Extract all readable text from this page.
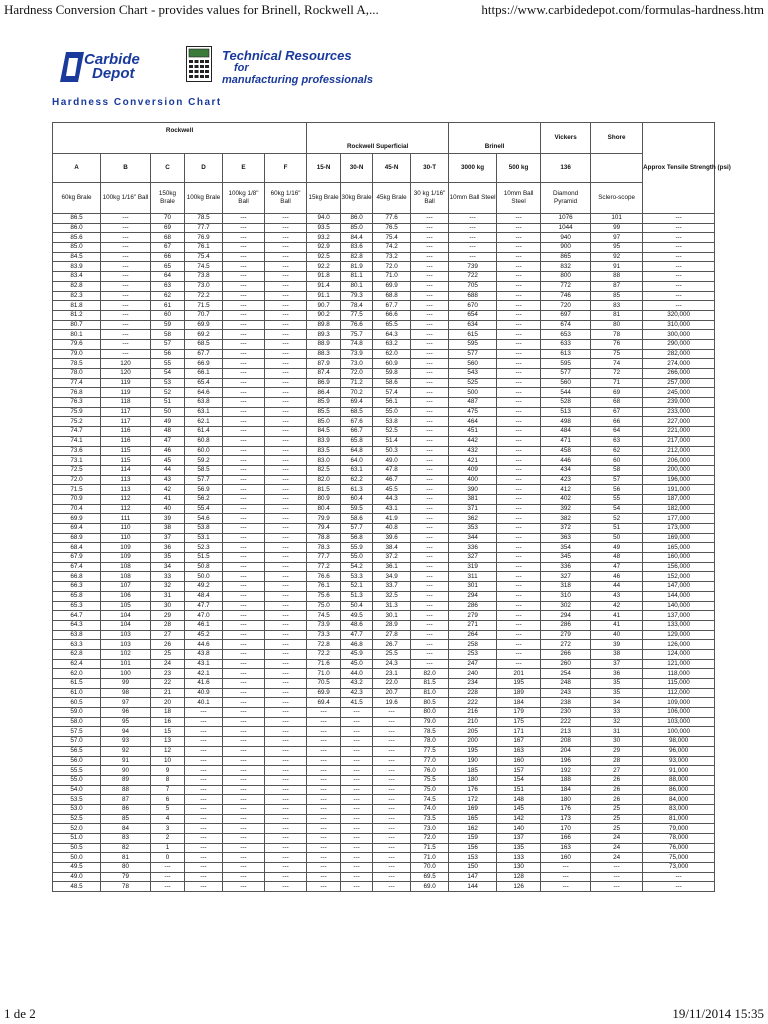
Hardness Conversion Chart - provides values for Brinell, Rockwell A,...	https://www.carbidedepot.com/formulas-hardness.htm
Carbide
Depot
Technical Resources
for
manufacturing professionals
Hardness Conversion Chart
Rockwell						Rockwell Superficial				Brinell		Vickers	Shore	Approx Tensile Strength (psi)
A	B	C	D	E	F	15-N	30-N	45-N	30-T	3000 kg	500 kg	136		
60kg Brale	100kg 1/16" Ball	150kg Brale	100kg Brale	100kg 1/8" Ball	60kg 1/16" Ball	15kg Brale	30kg Brale	45kg Brale	30 kg 1/16" Ball	10mm Ball Steel	10mm Ball Steel	Diamond Pyramid	Sclero-scope	
86.5	---	70	78.5	---	---	94.0	86.0	77.6	---	---	---	1076	101	---
86.0	---	69	77.7	---	---	93.5	85.0	76.5	---	---	---	1044	99	---
85.6	---	68	76.9	---	---	93.2	84.4	75.4	---	---	---	940	97	---
85.0	---	67	76.1	---	---	92.9	83.6	74.2	---	---	---	900	95	---
84.5	---	66	75.4	---	---	92.5	82.8	73.2	---	---	---	865	92	---
83.9	---	65	74.5	---	---	92.2	81.9	72.0	---	739	---	832	91	---
83.4	---	64	73.8	---	---	91.8	81.1	71.0	---	722	---	800	88	---
82.8	---	63	73.0	---	---	91.4	80.1	69.9	---	705	---	772	87	---
82.3	---	62	72.2	---	---	91.1	79.3	68.8	---	688	---	746	85	---
81.8	---	61	71.5	---	---	90.7	78.4	67.7	---	670	---	720	83	---
81.2	---	60	70.7	---	---	90.2	77.5	66.6	---	654	---	697	81	320,000
80.7	---	59	69.9	---	---	89.8	76.6	65.5	---	634	---	674	80	310,000
80.1	---	58	69.2	---	---	89.3	75.7	64.3	---	615	---	653	78	300,000
79.6	---	57	68.5	---	---	88.9	74.8	63.2	---	595	---	633	76	290,000
79.0	---	56	67.7	---	---	88.3	73.9	62.0	---	577	---	613	75	282,000
78.5	120	55	66.9	---	---	87.9	73.0	60.9	---	560	---	595	74	274,000
78.0	120	54	66.1	---	---	87.4	72.0	59.8	---	543	---	577	72	266,000
77.4	119	53	65.4	---	---	86.9	71.2	58.6	---	525	---	560	71	257,000
76.8	119	52	64.6	---	---	86.4	70.2	57.4	---	500	---	544	69	245,000
76.3	118	51	63.8	---	---	85.9	69.4	56.1	---	487	---	528	68	239,000
75.9	117	50	63.1	---	---	85.5	68.5	55.0	---	475	---	513	67	233,000
75.2	117	49	62.1	---	---	85.0	67.6	53.8	---	464	---	498	66	227,000
74.7	116	48	61.4	---	---	84.5	66.7	52.5	---	451	---	484	64	221,000
74.1	116	47	60.8	---	---	83.9	65.8	51.4	---	442	---	471	63	217,000
73.6	115	46	60.0	---	---	83.5	64.8	50.3	---	432	---	458	62	212,000
73.1	115	45	59.2	---	---	83.0	64.0	49.0	---	421	---	446	60	206,000
72.5	114	44	58.5	---	---	82.5	63.1	47.8	---	409	---	434	58	200,000
72.0	113	43	57.7	---	---	82.0	62.2	46.7	---	400	---	423	57	196,000
71.5	113	42	56.9	---	---	81.5	61.3	45.5	---	390	---	412	56	191,000
70.9	112	41	56.2	---	---	80.9	60.4	44.3	---	381	---	402	55	187,000
70.4	112	40	55.4	---	---	80.4	59.5	43.1	---	371	---	392	54	182,000
69.9	111	39	54.6	---	---	79.9	58.6	41.9	---	362	---	382	52	177,000
69.4	110	38	53.8	---	---	79.4	57.7	40.8	---	353	---	372	51	173,000
68.9	110	37	53.1	---	---	78.8	56.8	39.6	---	344	---	363	50	169,000
68.4	109	36	52.3	---	---	78.3	55.9	38.4	---	336	---	354	49	165,000
67.9	109	35	51.5	---	---	77.7	55.0	37.2	---	327	---	345	48	160,000
67.4	108	34	50.8	---	---	77.2	54.2	36.1	---	319	---	336	47	156,000
66.8	108	33	50.0	---	---	76.6	53.3	34.9	---	311	---	327	46	152,000
66.3	107	32	49.2	---	---	76.1	52.1	33.7	---	301	---	318	44	147,000
65.8	106	31	48.4	---	---	75.6	51.3	32.5	---	294	---	310	43	144,000
65.3	105	30	47.7	---	---	75.0	50.4	31.3	---	286	---	302	42	140,000
64.7	104	29	47.0	---	---	74.5	49.5	30.1	---	279	---	294	41	137,000
64.3	104	28	46.1	---	---	73.9	48.6	28.9	---	271	---	286	41	133,000
63.8	103	27	45.2	---	---	73.3	47.7	27.8	---	264	---	279	40	129,000
63.3	103	26	44.6	---	---	72.8	46.8	26.7	---	258	---	272	39	126,000
62.8	102	25	43.8	---	---	72.2	45.9	25.5	---	253	---	266	38	124,000
62.4	101	24	43.1	---	---	71.6	45.0	24.3	---	247	---	260	37	121,000
62.0	100	23	42.1	---	---	71.0	44.0	23.1	82.0	240	201	254	36	118,000
61.5	99	22	41.6	---	---	70.5	43.2	22.0	81.5	234	195	248	35	115,000
61.0	98	21	40.9	---	---	69.9	42.3	20.7	81.0	228	189	243	35	112,000
60.5	97	20	40.1	---	---	69.4	41.5	19.6	80.5	222	184	238	34	109,000
59.0	96	18	---	---	---	---	---	---	80.0	216	179	230	33	106,000
58.0	95	16	---	---	---	---	---	---	79.0	210	175	222	32	103,000
57.5	94	15	---	---	---	---	---	---	78.5	205	171	213	31	100,000
57.0	93	13	---	---	---	---	---	---	78.0	200	167	208	30	98,000
56.5	92	12	---	---	---	---	---	---	77.5	195	163	204	29	96,000
56.0	91	10	---	---	---	---	---	---	77.0	190	160	196	28	93,000
55.5	90	9	---	---	---	---	---	---	76.0	185	157	192	27	91,000
55.0	89	8	---	---	---	---	---	---	75.5	180	154	188	26	88,000
54.0	88	7	---	---	---	---	---	---	75.0	176	151	184	26	86,000
53.5	87	6	---	---	---	---	---	---	74.5	172	148	180	26	84,000
53.0	86	5	---	---	---	---	---	---	74.0	169	145	176	25	83,000
52.5	85	4	---	---	---	---	---	---	73.5	165	142	173	25	81,000
52.0	84	3	---	---	---	---	---	---	73.0	162	140	170	25	79,000
51.0	83	2	---	---	---	---	---	---	72.0	159	137	166	24	78,000
50.5	82	1	---	---	---	---	---	---	71.5	156	135	163	24	76,000
50.0	81	0	---	---	---	---	---	---	71.0	153	133	160	24	75,000
49.5	80	---	---	---	---	---	---	---	70.0	150	130	---	---	73,000
49.0	79	---	---	---	---	---	---	---	69.5	147	128	---	---	---
48.5	78	---	---	---	---	---	---	---	69.0	144	126	---	---	---
1 de 2	19/11/2014 15:35
